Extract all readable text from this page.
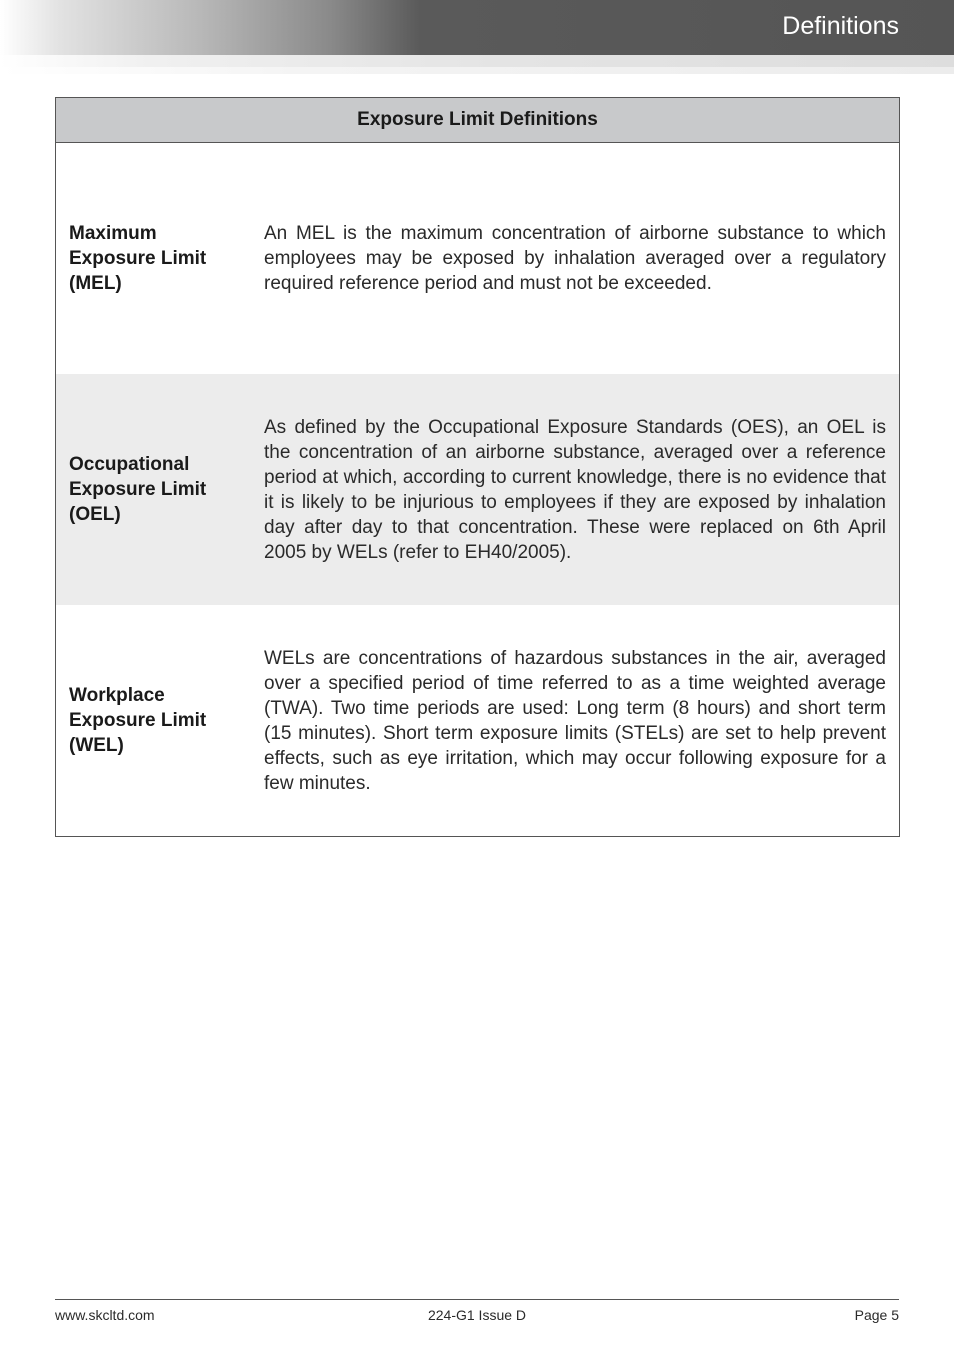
Definitions
Exposure Limit Definitions
Maximum
Exposure Limit
(MEL)
An MEL is the maximum concentration of airborne substance to which employees may be exposed by inhalation averaged over a regulatory required reference period and must not be exceeded.
Occupational
Exposure Limit
(OEL)
As defined by the Occupational Exposure Standards (OES), an OEL is the concentration of an airborne substance, averaged over a reference period at which, according to current knowledge, there is no evidence that it is likely to be injurious to employees if they are exposed by inhalation day after day to that concentration. These were replaced on 6th April 2005 by WELs (refer to EH40/2005).
Workplace
Exposure Limit
(WEL)
WELs are concentrations of hazardous substances in the air, averaged over a specified period of time referred to as a time weighted average (TWA). Two time periods are used: Long term (8 hours) and short term (15 minutes). Short term exposure limits (STELs) are set to help prevent effects, such as eye irritation, which may occur following exposure for a few minutes.
www.skcltd.com	224-G1 Issue D	Page 5
